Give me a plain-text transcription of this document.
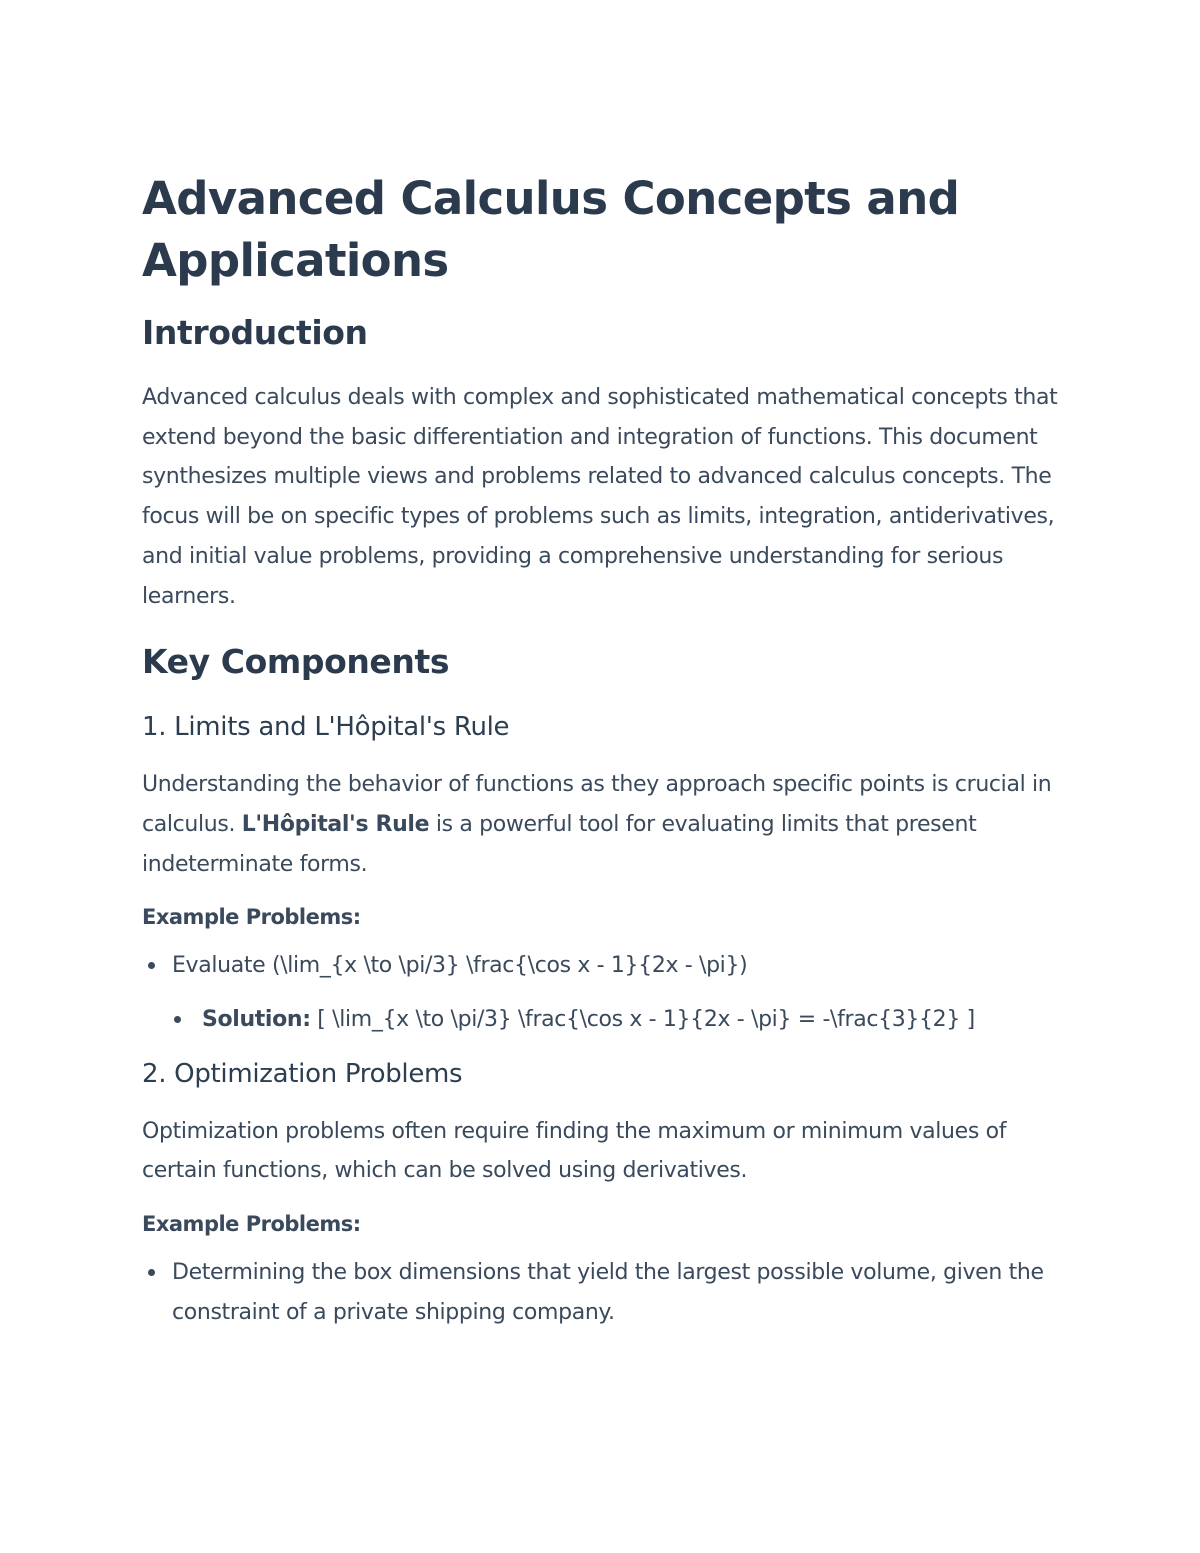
Advanced Calculus Concepts and Applications
Introduction

Advanced calculus deals with complex and sophisticated mathematical concepts that extend beyond the basic differentiation and integration of functions. This document synthesizes multiple views and problems related to advanced calculus concepts. The focus will be on specific types of problems such as limits, integration, antiderivatives, and initial value problems, providing a comprehensive understanding for serious learners.

Key Components
1. Limits and L'Hôpital's Rule

Understanding the behavior of functions as they approach specific points is crucial in calculus. L'Hôpital's Rule is a powerful tool for evaluating limits that present indeterminate forms.

Example Problems:
Evaluate (\lim_{x \to \pi/3} \frac{\cos x - 1}{2x - \pi})
Solution: [ \lim_{x \to \pi/3} \frac{\cos x - 1}{2x - \pi} = -\frac{3}{2} ]
2. Optimization Problems

Optimization problems often require finding the maximum or minimum values of certain functions, which can be solved using derivatives.

Example Problems:
Determining the box dimensions that yield the largest possible volume, given the constraint of a private shipping company.
